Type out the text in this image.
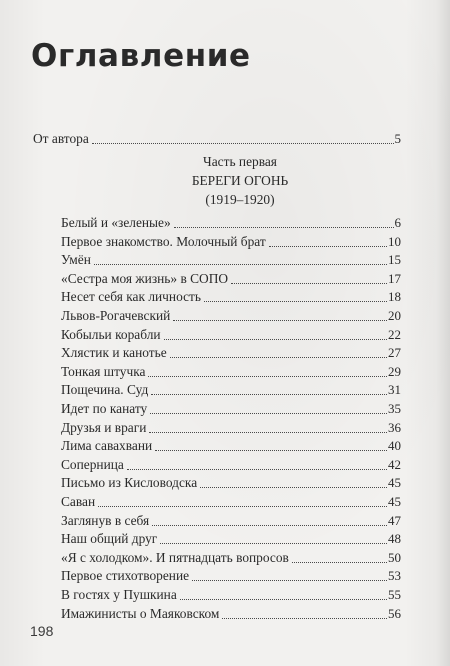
Оглавление
От автора	5
Часть первая
БЕРЕГИ ОГОНЬ
(1919–1920)
Белый и «зеленые»	6
Первое знакомство. Молочный брат	10
Умён	15
«Сестра моя жизнь» в СОПО	17
Несет себя как личность	18
Львов-Рогачевский	20
Кобыльи корабли	22
Хлястик и канотье	27
Тонкая штучка	29
Пощечина. Суд	31
Идет по канату	35
Друзья и враги	36
Лима савахвани	40
Соперница	42
Письмо из Кисловодска	45
Саван	45
Заглянув в себя	47
Наш общий друг	48
«Я с холодком». И пятнадцать вопросов	50
Первое стихотворение	53
В гостях у Пушкина	55
Имажинисты о Маяковском	56
198
